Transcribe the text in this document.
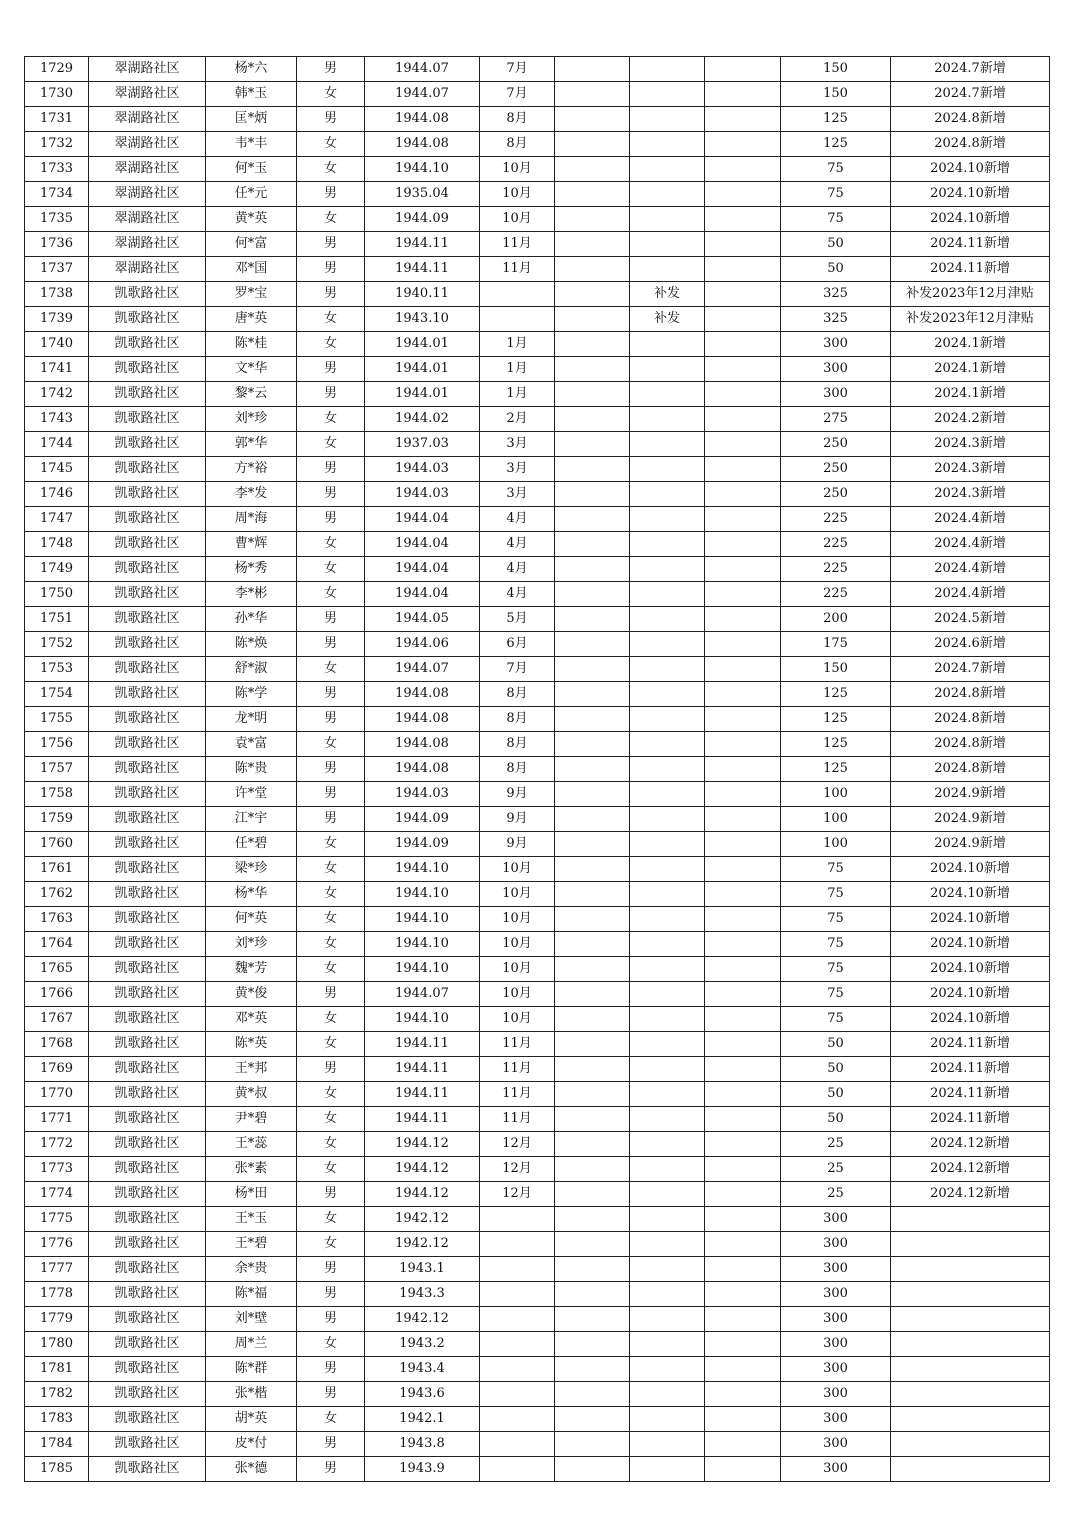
1729	翠湖路社区	杨*六	男	1944.07	7月				150	2024.7新增
1730	翠湖路社区	韩*玉	女	1944.07	7月				150	2024.7新增
1731	翠湖路社区	匡*炳	男	1944.08	8月				125	2024.8新增
1732	翠湖路社区	韦*丰	女	1944.08	8月				125	2024.8新增
1733	翠湖路社区	何*玉	女	1944.10	10月				75	2024.10新增
1734	翠湖路社区	任*元	男	1935.04	10月				75	2024.10新增
1735	翠湖路社区	黄*英	女	1944.09	10月				75	2024.10新增
1736	翠湖路社区	何*富	男	1944.11	11月				50	2024.11新增
1737	翠湖路社区	邓*国	男	1944.11	11月				50	2024.11新增
1738	凯歌路社区	罗*宝	男	1940.11			补发		325	补发2023年12月津贴
1739	凯歌路社区	唐*英	女	1943.10			补发		325	补发2023年12月津贴
1740	凯歌路社区	陈*桂	女	1944.01	1月				300	2024.1新增
1741	凯歌路社区	文*华	男	1944.01	1月				300	2024.1新增
1742	凯歌路社区	黎*云	男	1944.01	1月				300	2024.1新增
1743	凯歌路社区	刘*珍	女	1944.02	2月				275	2024.2新增
1744	凯歌路社区	郭*华	女	1937.03	3月				250	2024.3新增
1745	凯歌路社区	方*裕	男	1944.03	3月				250	2024.3新增
1746	凯歌路社区	李*发	男	1944.03	3月				250	2024.3新增
1747	凯歌路社区	周*海	男	1944.04	4月				225	2024.4新增
1748	凯歌路社区	曹*辉	女	1944.04	4月				225	2024.4新增
1749	凯歌路社区	杨*秀	女	1944.04	4月				225	2024.4新增
1750	凯歌路社区	李*彬	女	1944.04	4月				225	2024.4新增
1751	凯歌路社区	孙*华	男	1944.05	5月				200	2024.5新增
1752	凯歌路社区	陈*焕	男	1944.06	6月				175	2024.6新增
1753	凯歌路社区	舒*淑	女	1944.07	7月				150	2024.7新增
1754	凯歌路社区	陈*学	男	1944.08	8月				125	2024.8新增
1755	凯歌路社区	龙*明	男	1944.08	8月				125	2024.8新增
1756	凯歌路社区	袁*富	女	1944.08	8月				125	2024.8新增
1757	凯歌路社区	陈*贵	男	1944.08	8月				125	2024.8新增
1758	凯歌路社区	许*堂	男	1944.03	9月				100	2024.9新增
1759	凯歌路社区	江*宇	男	1944.09	9月				100	2024.9新增
1760	凯歌路社区	任*碧	女	1944.09	9月				100	2024.9新增
1761	凯歌路社区	梁*珍	女	1944.10	10月				75	2024.10新增
1762	凯歌路社区	杨*华	女	1944.10	10月				75	2024.10新增
1763	凯歌路社区	何*英	女	1944.10	10月				75	2024.10新增
1764	凯歌路社区	刘*珍	女	1944.10	10月				75	2024.10新增
1765	凯歌路社区	魏*芳	女	1944.10	10月				75	2024.10新增
1766	凯歌路社区	黄*俊	男	1944.07	10月				75	2024.10新增
1767	凯歌路社区	邓*英	女	1944.10	10月				75	2024.10新增
1768	凯歌路社区	陈*英	女	1944.11	11月				50	2024.11新增
1769	凯歌路社区	王*邦	男	1944.11	11月				50	2024.11新增
1770	凯歌路社区	黄*叔	女	1944.11	11月				50	2024.11新增
1771	凯歌路社区	尹*碧	女	1944.11	11月				50	2024.11新增
1772	凯歌路社区	王*蕊	女	1944.12	12月				25	2024.12新增
1773	凯歌路社区	张*素	女	1944.12	12月				25	2024.12新增
1774	凯歌路社区	杨*田	男	1944.12	12月				25	2024.12新增
1775	凯歌路社区	王*玉	女	1942.12					300	
1776	凯歌路社区	王*碧	女	1942.12					300	
1777	凯歌路社区	余*贵	男	1943.1					300	
1778	凯歌路社区	陈*福	男	1943.3					300	
1779	凯歌路社区	刘*壁	男	1942.12					300	
1780	凯歌路社区	周*兰	女	1943.2					300	
1781	凯歌路社区	陈*群	男	1943.4					300	
1782	凯歌路社区	张*楷	男	1943.6					300	
1783	凯歌路社区	胡*英	女	1942.1					300	
1784	凯歌路社区	皮*付	男	1943.8					300	
1785	凯歌路社区	张*德	男	1943.9					300	
